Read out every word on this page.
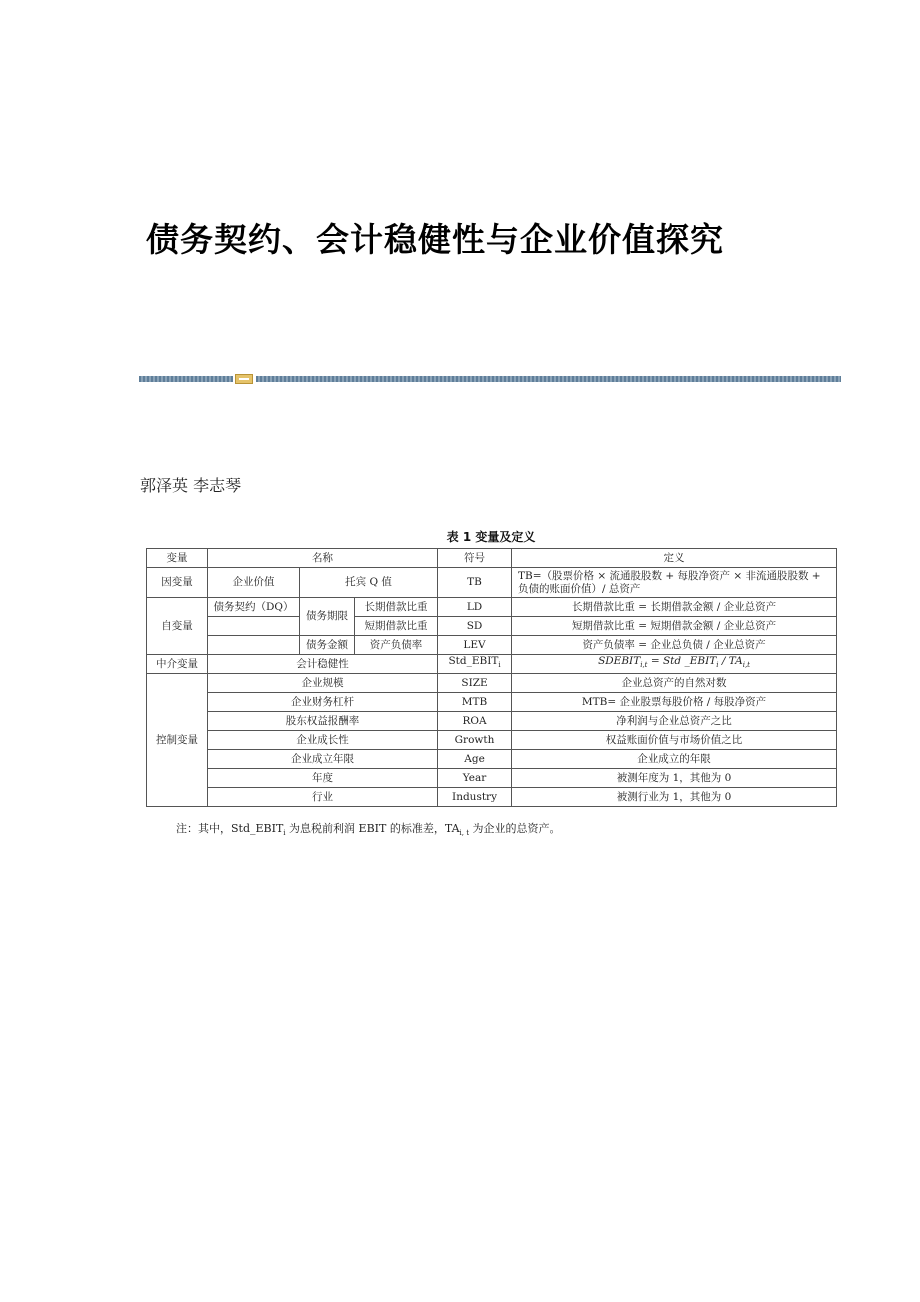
债务契约、会计稳健性与企业价值探究
郭泽英 李志琴
表 1 变量及定义
变量	名称			符号	定义
因变量	企业价值	托宾 Q 值		TB	TB=（股票价格 × 流通股股数 + 每股净资产 × 非流通股股数 + 负债的账面价值）/ 总资产
自变量	债务契约（DQ）	债务期限	长期借款比重	LD	长期借款比重 = 长期借款金额 / 企业总资产
			短期借款比重	SD	短期借款比重 = 短期借款金额 / 企业总资产
		债务金额	资产负债率	LEV	资产负债率 = 企业总负债 / 企业总资产
中介变量	会计稳健性			$Std\_EBIT_i$	$SDEBIT_{i,t}$ = Std $\_EBIT_i / TA_{i,t}$
控制变量	企业规模			SIZE	企业总资产的自然对数
	企业财务杠杆			MTB	MTB= 企业股票每股价格 / 每股净资产
	股东权益报酬率			ROA	净利润与企业总资产之比
	企业成长性			Growth	权益账面价值与市场价值之比
	企业成立年限			Age	企业成立的年限
	年度			Year	被测年度为 1，其他为 0
	行业			Industry	被测行业为 1，其他为 0
注：其中，$Std\_EBIT_i$ 为息税前利润 EBIT 的标准差，$TA_{i, t}$ 为企业的总资产。
